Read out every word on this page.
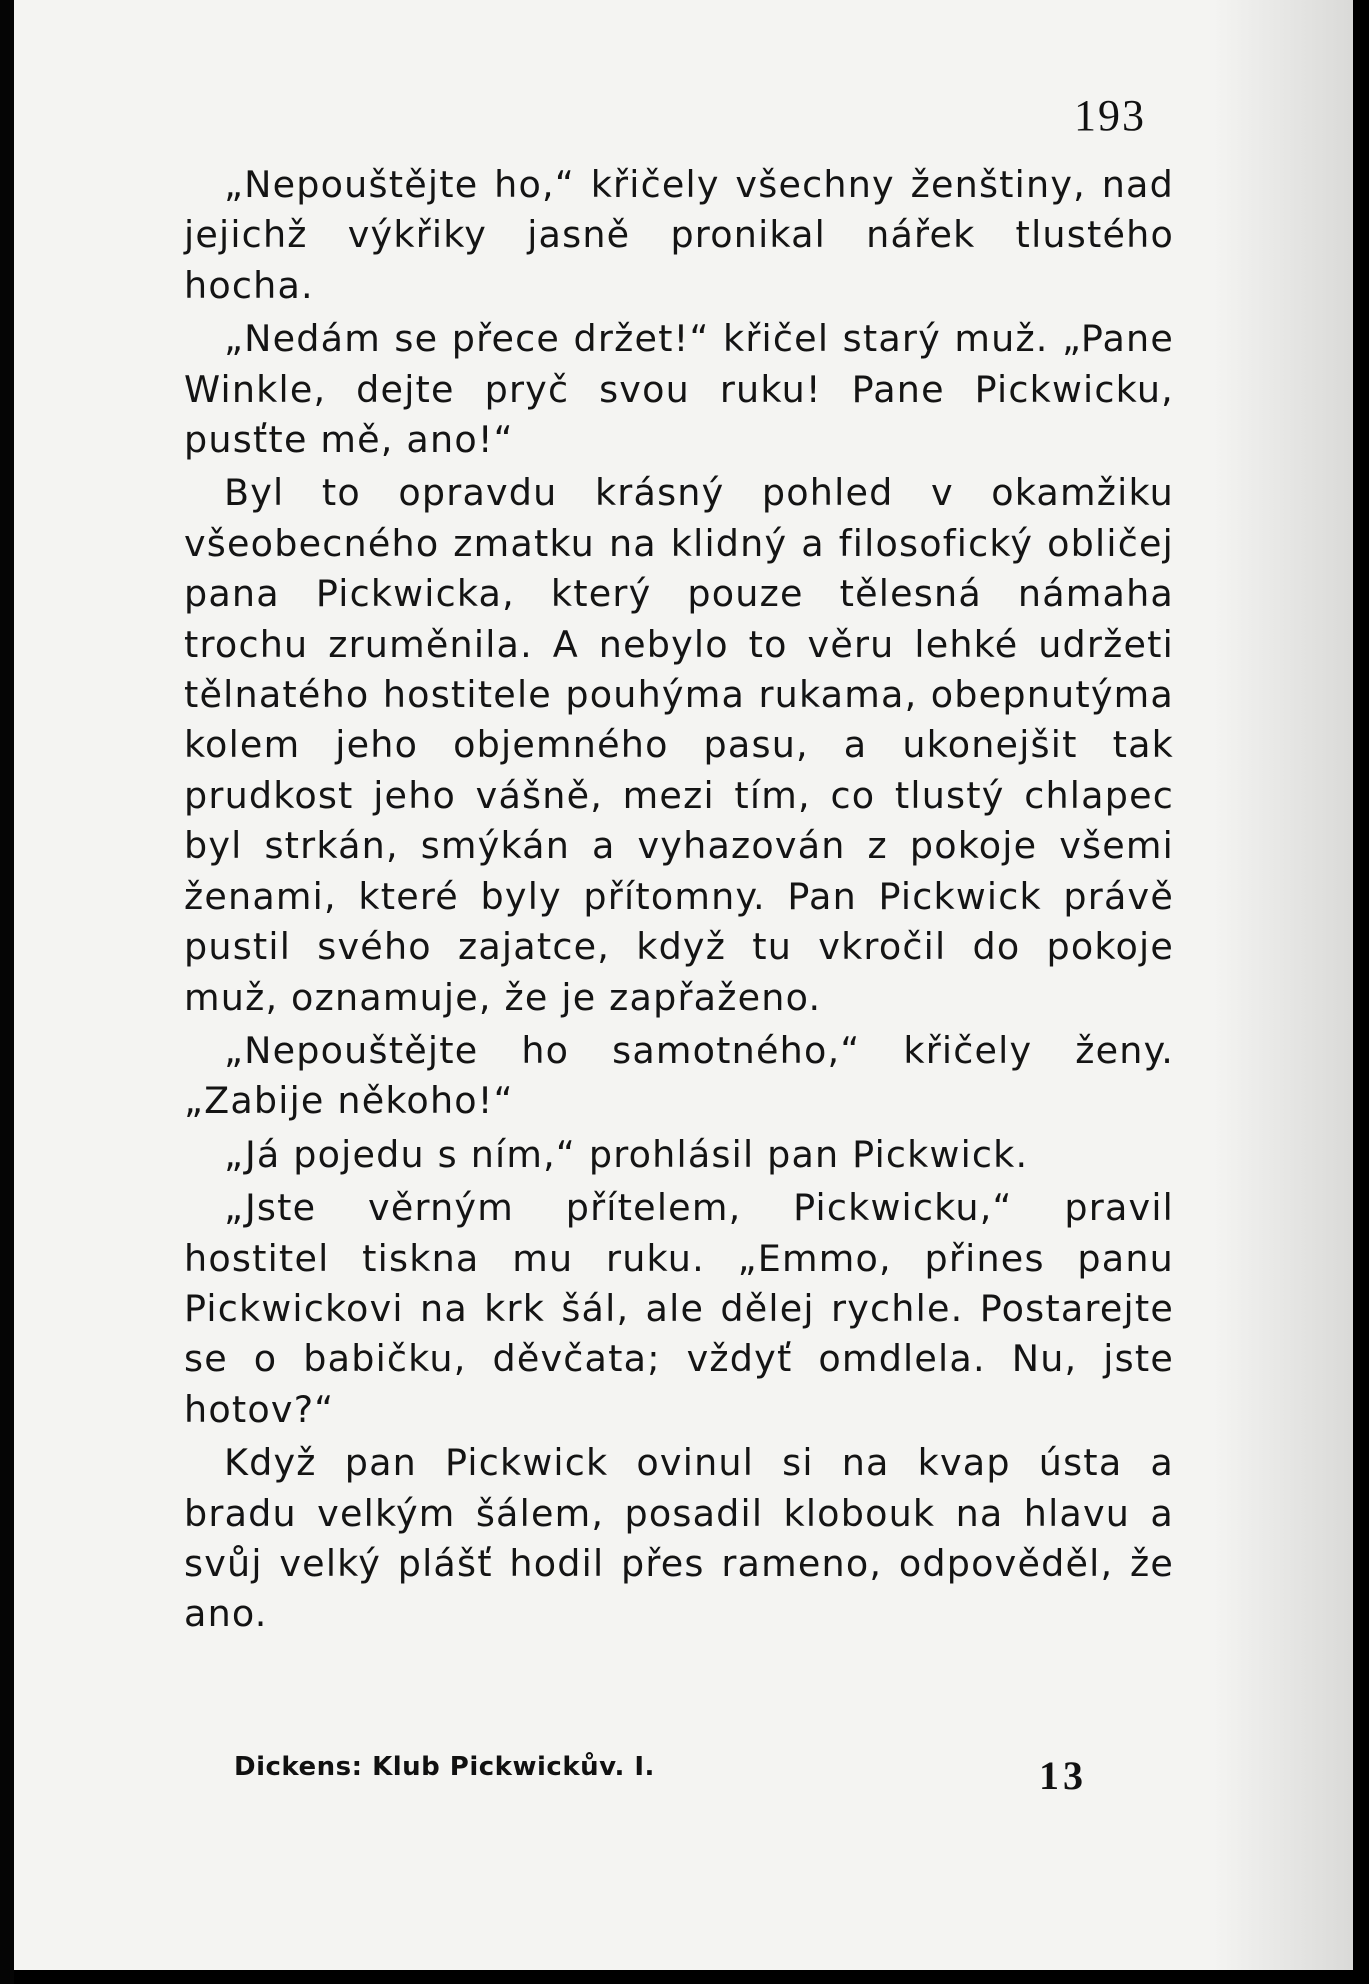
193

„Nepouštějte ho,“ křičely všechny ženštiny, nad jejichž výkřiky jasně pronikal nářek tlustého hocha.

„Nedám se přece držet!“ křičel starý muž. „Pane Winkle, dejte pryč svou ruku! Pane Pickwicku, pusťte mě, ano!“

Byl to opravdu krásný pohled v okamžiku všeobecného zmatku na klidný a filosofický obličej pana Pickwicka, který pouze tělesná námaha trochu zruměnila. A nebylo to věru lehké udržeti tělnatého hostitele pouhýma rukama, obepnutýma kolem jeho objemného pasu, a ukonejšit tak prudkost jeho vášně, mezi tím, co tlustý chlapec byl strkán, smýkán a vyhazován z pokoje všemi ženami, které byly přítomny. Pan Pickwick právě pustil svého zajatce, když tu vkročil do pokoje muž, oznamuje, že je zapřaženo.

„Nepouštějte ho samotného,“ křičely ženy. „Zabije někoho!“

„Já pojedu s ním,“ prohlásil pan Pickwick.

„Jste věrným přítelem, Pickwicku,“ pravil hostitel tiskna mu ruku. „Emmo, přines panu Pickwickovi na krk šál, ale dělej rychle. Postarejte se o babičku, děvčata; vždyť omdlela. Nu, jste hotov?“

Když pan Pickwick ovinul si na kvap ústa a bradu velkým šálem, posadil klobouk na hlavu a svůj velký plášť hodil přes rameno, odpověděl, že ano.

Dickens: Klub Pickwickův. I.	13
